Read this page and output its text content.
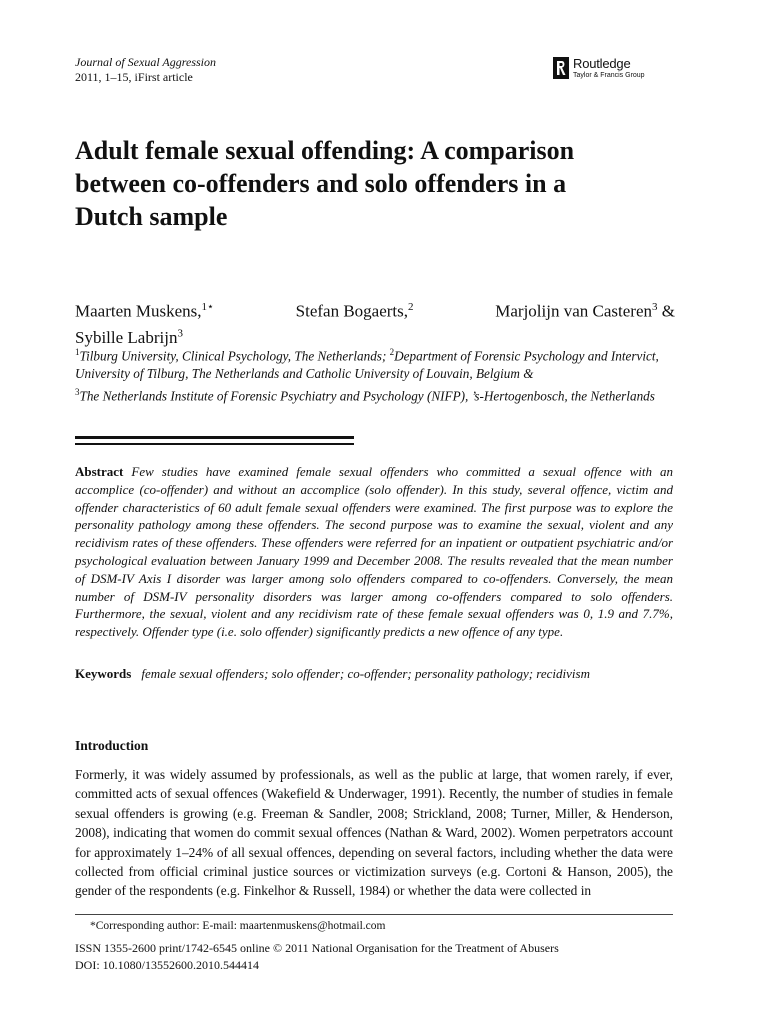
Journal of Sexual Aggression
2011, 1–15, iFirst article
Routledge
Taylor & Francis Group
Adult female sexual offending: A comparison between co-offenders and solo offenders in a Dutch sample
Maarten Muskens,$^{1⋆}$	Stefan Bogaerts,$^2$	Marjolijn van Casteren$^3$ &
Sybille Labrijn$^3$
$^1$Tilburg University, Clinical Psychology, The Netherlands; $^2$Department of Forensic Psychology and Intervict, University of Tilburg, The Netherlands and Catholic University of Louvain, Belgium &
$^3$The Netherlands Institute of Forensic Psychiatry and Psychology (NIFP), ’s-Hertogenbosch, the Netherlands
Abstract Few studies have examined female sexual offenders who committed a sexual offence with an accomplice (co-offender) and without an accomplice (solo offender). In this study, several offence, victim and offender characteristics of 60 adult female sexual offenders were examined. The first purpose was to explore the personality pathology among these offenders. The second purpose was to examine the sexual, violent and any recidivism rates of these offenders. These offenders were referred for an inpatient or outpatient psychiatric and/or psychological evaluation between January 1999 and December 2008. The results revealed that the mean number of DSM-IV Axis I disorder was larger among solo offenders compared to co-offenders. Conversely, the mean number of DSM-IV personality disorders was larger among co-offenders compared to solo offenders. Furthermore, the sexual, violent and any recidivism rate of these female sexual offenders was 0, 1.9 and 7.7%, respectively. Offender type (i.e. solo offender) significantly predicts a new offence of any type.
Keywords female sexual offenders; solo offender; co-offender; personality pathology; recidivism
Introduction
Formerly, it was widely assumed by professionals, as well as the public at large, that women rarely, if ever, committed acts of sexual offences (Wakefield & Underwager, 1991). Recently, the number of studies in female sexual offenders is growing (e.g. Freeman & Sandler, 2008; Strickland, 2008; Turner, Miller, & Henderson, 2008), indicating that women do commit sexual offences (Nathan & Ward, 2002). Women perpetrators account for approximately 1–24% of all sexual offences, depending on several factors, including whether the data were collected from official criminal justice sources or victimization surveys (e.g. Cortoni & Hanson, 2005), the gender of the respondents (e.g. Finkelhor & Russell, 1984) or whether the data were collected in
*Corresponding author: E-mail: maartenmuskens@hotmail.com
ISSN 1355-2600 print/1742-6545 online © 2011 National Organisation for the Treatment of Abusers
DOI: 10.1080/13552600.2010.544414
